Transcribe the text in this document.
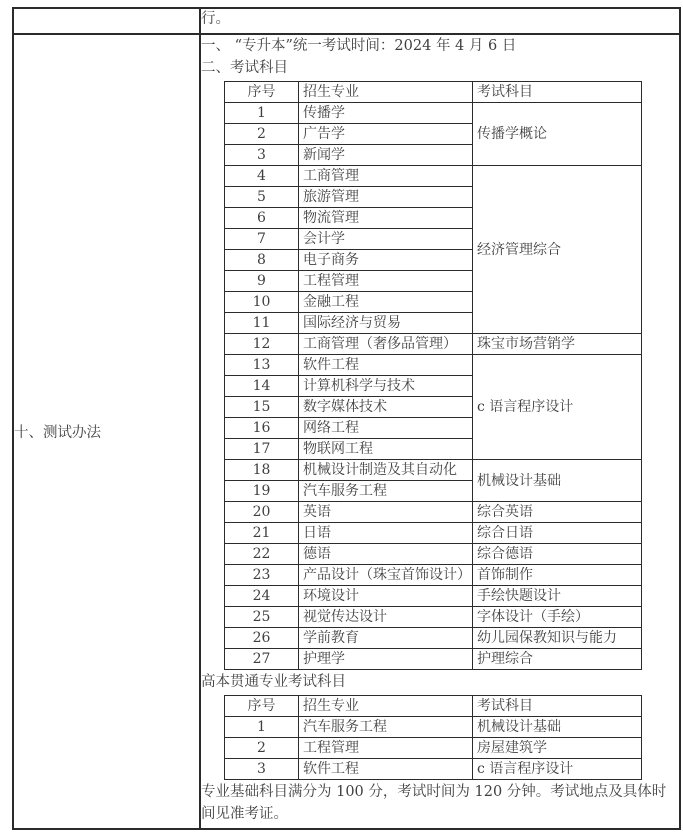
	行。
十、测试办法	

一、 “专升本”统一考试时间：2024 年 4 月 6 日

二、考试科目

序号	招生专业	考试科目
1	传播学	传播学概论
2	广告学
3	新闻学
4	工商管理	经济管理综合
5	旅游管理
6	物流管理
7	会计学
8	电子商务
9	工程管理
10	金融工程
11	国际经济与贸易
12	工商管理（奢侈品管理）	珠宝市场营销学
13	软件工程	c 语言程序设计
14	计算机科学与技术
15	数字媒体技术
16	网络工程
17	物联网工程
18	机械设计制造及其自动化	机械设计基础
19	汽车服务工程
20	英语	综合英语
21	日语	综合日语
22	德语	综合德语
23	产品设计（珠宝首饰设计）	首饰制作
24	环境设计	手绘快题设计
25	视觉传达设计	字体设计（手绘）
26	学前教育	幼儿园保教知识与能力
27	护理学	护理综合

高本贯通专业考试科目

序号	招生专业	考试科目
1	汽车服务工程	机械设计基础
2	工程管理	房屋建筑学
3	软件工程	c 语言程序设计

专业基础科目满分为 100 分，考试时间为 120 分钟。考试地点及具体时间见准考证。
